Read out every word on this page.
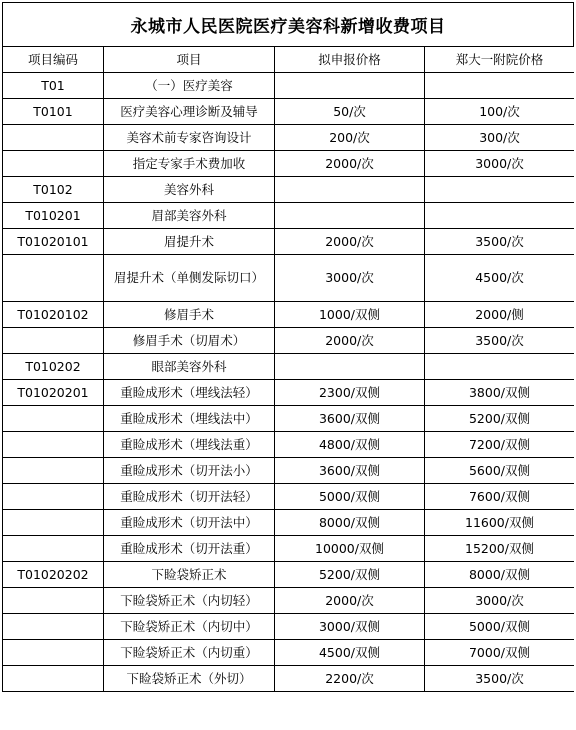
永城市人民医院医疗美容科新增收费项目
项目编码	项目	拟申报价格	郑大一附院价格
T01	（一）医疗美容		
T0101	医疗美容心理诊断及辅导	50/次	100/次
	美容术前专家咨询设计	200/次	300/次
	指定专家手术费加收	2000/次	3000/次
T0102	美容外科		
T010201	眉部美容外科		
T01020101	眉提升术	2000/次	3500/次
	眉提升术（单侧发际切口）	3000/次	4500/次
T01020102	修眉手术	1000/双侧	2000/侧
	修眉手术（切眉术）	2000/次	3500/次
T010202	眼部美容外科		
T01020201	重睑成形术（埋线法轻）	2300/双侧	3800/双侧
	重睑成形术（埋线法中）	3600/双侧	5200/双侧
	重睑成形术（埋线法重）	4800/双侧	7200/双侧
	重睑成形术（切开法小）	3600/双侧	5600/双侧
	重睑成形术（切开法轻）	5000/双侧	7600/双侧
	重睑成形术（切开法中）	8000/双侧	11600/双侧
	重睑成形术（切开法重）	10000/双侧	15200/双侧
T01020202	下睑袋矫正术	5200/双侧	8000/双侧
	下睑袋矫正术（内切轻）	2000/次	3000/次
	下睑袋矫正术（内切中）	3000/双侧	5000/双侧
	下睑袋矫正术（内切重）	4500/双侧	7000/双侧
	下睑袋矫正术（外切）	2200/次	3500/次
